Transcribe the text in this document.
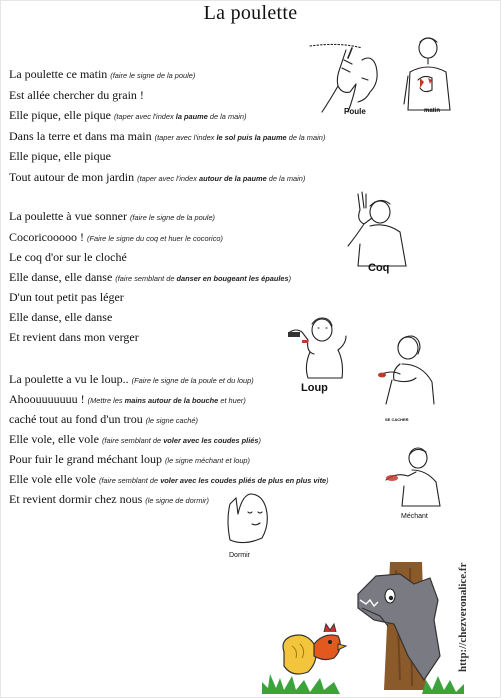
La poulette
La poulette ce matin (faire le signe de la poule)
Est allée chercher du grain !
Elle pique, elle pique (taper avec l'index la paume de la main)
Dans la terre et dans ma main (taper avec l'index le sol puis la paume de la main)
Elle pique, elle pique
Tout autour de mon jardin (taper avec l'index autour de la paume de la main)
La poulette à vue sonner (faire le signe de la poule)
Cocoricooooo ! (Faire le signe du coq et huer le cocorico)
Le coq d'or sur le cloché
Elle danse, elle danse (faire semblant de danser en bougeant les épaules)
D'un tout petit pas léger
Elle danse, elle danse
Et revient dans mon verger
La poulette a vu le loup.. (Faire le signe de la poule et du loup)
Ahoouuuuuuu ! (Mettre les mains autour de la bouche et huer)
caché tout au fond d'un trou (le signe caché)
Elle vole, elle vole (faire semblant de voler avec les coudes pliés)
Pour fuir le grand méchant loup (le signe méchant et loup)
Elle vole elle vole (faire semblant de voler avec les coudes pliés de plus en plus vite)
Et revient dormir chez nous (le signe de dormir)
Poule	matin
Coq
Loup
SE CACHER
Méchant
Dormir
http://chezveronalice.fr
